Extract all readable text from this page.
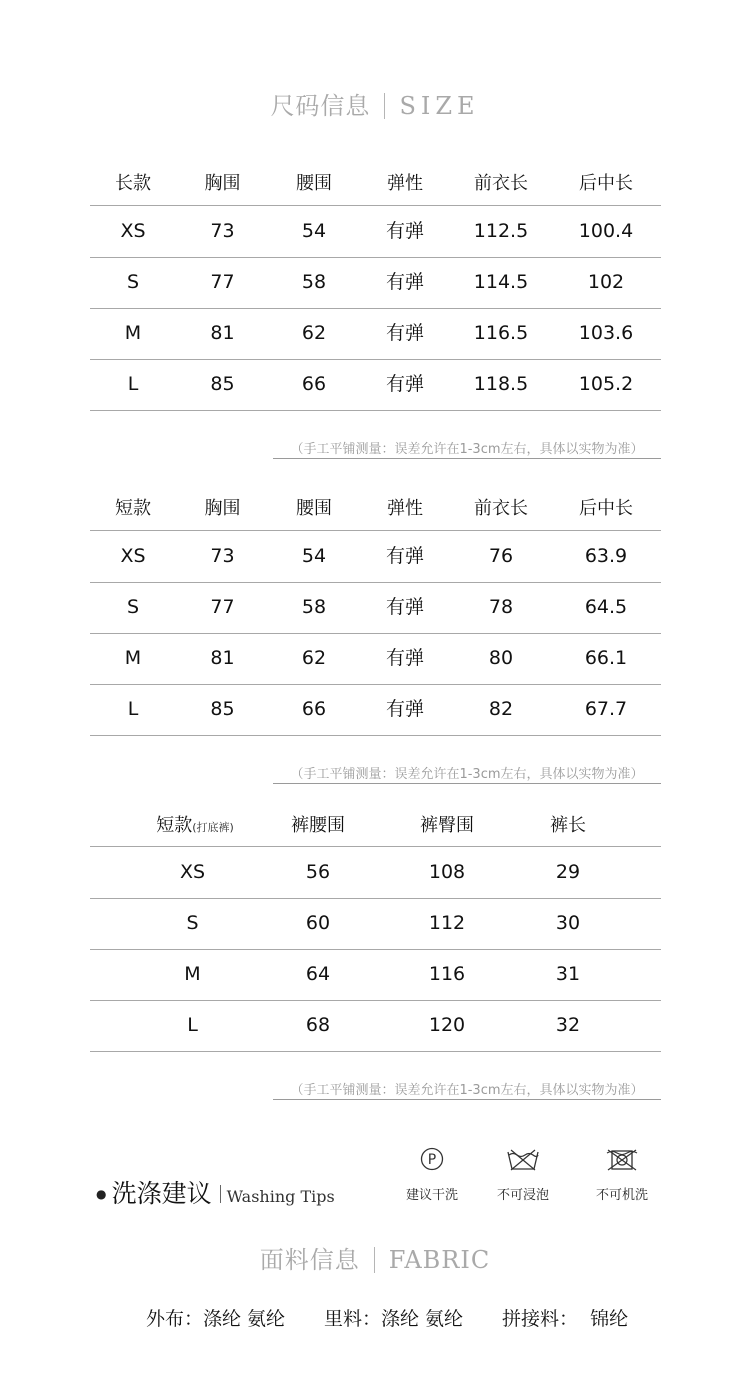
尺码信息 SIZE
长款	胸围	腰围	弹性	前衣长	后中长
XS	73	54	有弹	112.5	100.4
S	77	58	有弹	114.5	102
M	81	62	有弹	116.5	103.6
L	85	66	有弹	118.5	105.2
短款	胸围	腰围	弹性	前衣长	后中长
XS	73	54	有弹	76	63.9
S	77	58	有弹	78	64.5
M	81	62	有弹	80	66.1
L	85	66	有弹	82	67.7
短款(打底裤)	裤腰围	裤臀围	裤长
XS	56	108	29
S	60	112	30
M	64	116	31
L	68	120	32
（手工平铺测量：误差允许在1-3cm左右，具体以实物为准）
（手工平铺测量：误差允许在1-3cm左右，具体以实物为准）
（手工平铺测量：误差允许在1-3cm左右，具体以实物为准）
● 洗涤建议 Washing Tips
P
建议干洗	不可浸泡	不可机洗
面料信息 FABRIC
外布：涤纶 氨纶 里料：涤纶 氨纶 拼接料：  锦纶
